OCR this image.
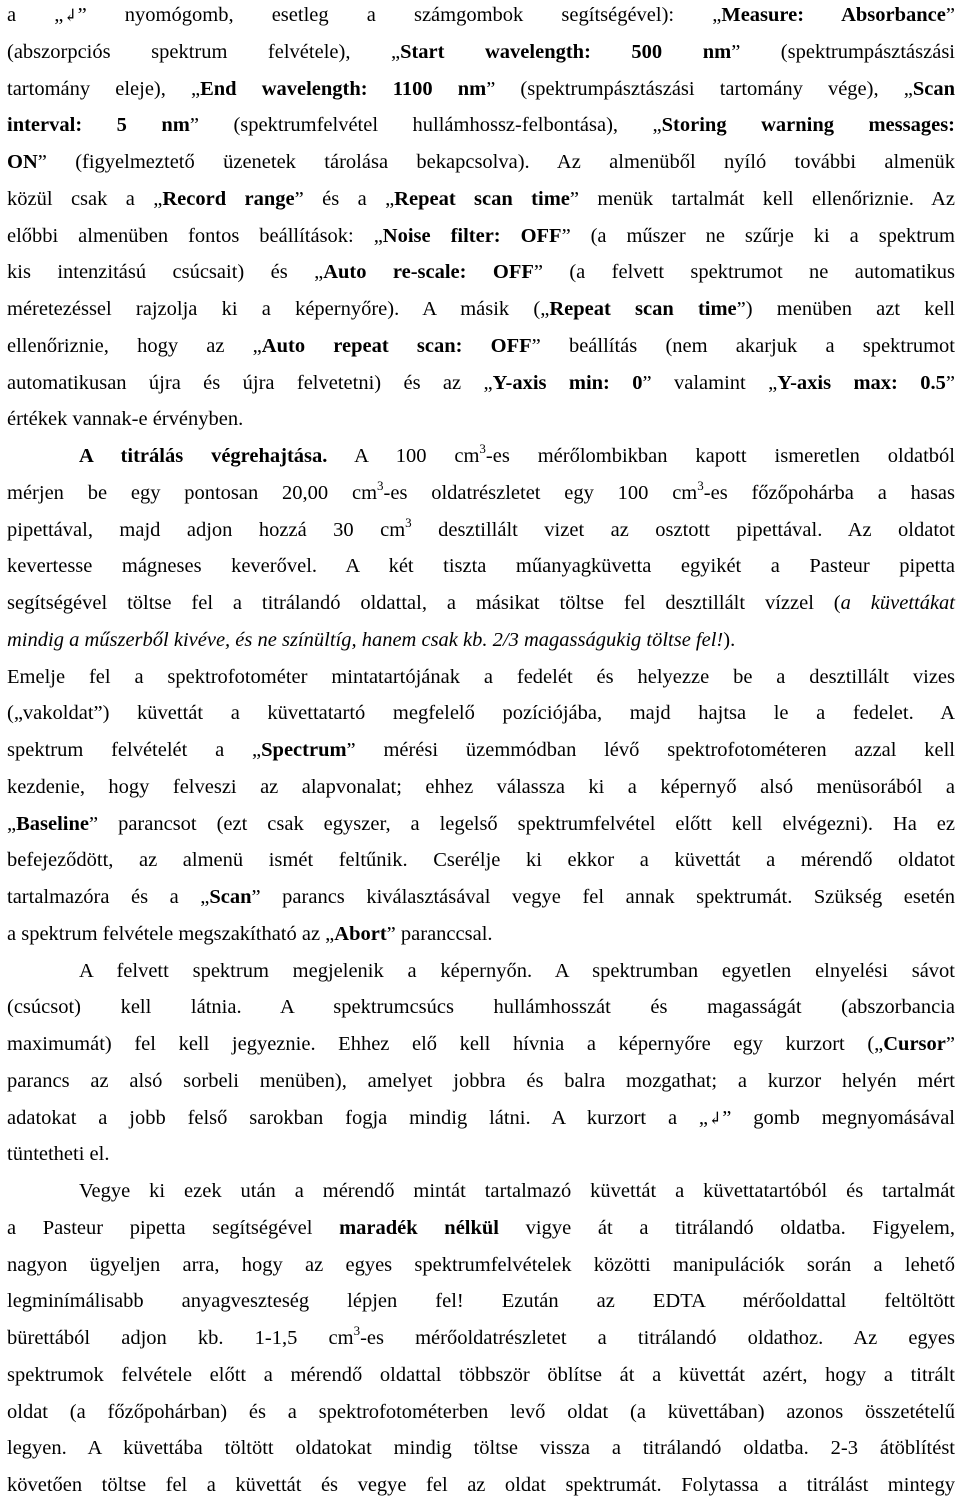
a „↲” nyomógomb, esetleg a számgombok segítségével): „Measure: Absorbance”
(abszorpciós spektrum felvétele), „Start wavelength: 500 nm” (spektrumpásztászási
tartomány eleje), „End wavelength: 1100 nm” (spektrumpásztászási tartomány vége), „Scan
interval: 5 nm” (spektrumfelvétel hullámhossz-felbontása), „Storing warning messages:
ON” (figyelmeztető üzenetek tárolása bekapcsolva). Az almenüből nyíló további almenük
közül csak a „Record range” és a „Repeat scan time” menük tartalmát kell ellenőriznie. Az
előbbi almenüben fontos beállítások: „Noise filter: OFF” (a műszer ne szűrje ki a spektrum
kis intenzitású csúcsait) és „Auto re-scale: OFF” (a felvett spektrumot ne automatikus
méretezéssel rajzolja ki a képernyőre). A másik („Repeat scan time”) menüben azt kell
ellenőriznie, hogy az „Auto repeat scan: OFF” beállítás (nem akarjuk a spektrumot
automatikusan újra és újra felvetetni) és az „Y-axis min: 0” valamint „Y-axis max: 0.5”
értékek vannak-e érvényben.
A titrálás végrehajtása. A 100 $cm^3-es$ mérőlombikban kapott ismeretlen oldatból
mérjen be egy pontosan 20,00 $cm^3-es$ oldatrészletet egy 100 $cm^3-es$ főzőpohárba a hasas
pipettával, majd adjon hozzá 30 $cm^3$ desztillált vizet az osztott pipettával. Az oldatot
kevertesse mágneses keverővel. A két tiszta műanyagküvetta egyikét a Pasteur pipetta
segítségével töltse fel a titrálandó oldattal, a másikat töltse fel desztillált vízzel (a küvettákat
mindig a műszerből kivéve, és ne színültíg, hanem csak kb. 2/3 magasságukig töltse fel!).
Emelje fel a spektrofotométer mintatartójának a fedelét és helyezze be a desztillált vizes
(„vakoldat”) küvettát a küvettatartó megfelelő pozíciójába, majd hajtsa le a fedelet. A
spektrum felvételét a „Spectrum” mérési üzemmódban lévő spektrofotométeren azzal kell
kezdenie, hogy felveszi az alapvonalat; ehhez válassza ki a képernyő alsó menüsorából a
„Baseline” parancsot (ezt csak egyszer, a legelső spektrumfelvétel előtt kell elvégezni). Ha ez
befejeződött, az almenü ismét feltűnik. Cserélje ki ekkor a küvettát a mérendő oldatot
tartalmazóra és a „Scan” parancs kiválasztásával vegye fel annak spektrumát. Szükség esetén
a spektrum felvétele megszakítható az „Abort” paranccsal.
A felvett spektrum megjelenik a képernyőn. A spektrumban egyetlen elnyelési sávot
(csúcsot) kell látnia. A spektrumcsúcs hullámhosszát és magasságát (abszorbancia
maximumát) fel kell jegyeznie. Ehhez elő kell hívnia a képernyőre egy kurzort („Cursor”
parancs az alsó sorbeli menüben), amelyet jobbra és balra mozgathat; a kurzor helyén mért
adatokat a jobb felső sarokban fogja mindig látni. A kurzort a „↲” gomb megnyomásával
tüntetheti el.
Vegye ki ezek után a mérendő mintát tartalmazó küvettát a küvettatartóból és tartalmát
a Pasteur pipetta segítségével maradék nélkül vigye át a titrálandó oldatba. Figyelem,
nagyon ügyeljen arra, hogy az egyes spektrumfelvételek közötti manipulációk során a lehető
legminímálisabb anyagveszteség lépjen fel! Ezután az EDTA mérőoldattal feltöltött
bürettából adjon kb. 1-1,5 $cm^3-es$ mérőoldatrészletet a titrálandó oldathoz. Az egyes
spektrumok felvétele előtt a mérendő oldattal többször öblítse át a küvettát azért, hogy a titrált
oldat (a főzőpohárban) és a spektrofotométerben levő oldat (a küvettában) azonos összetételű
legyen. A küvettába töltött oldatokat mindig töltse vissza a titrálandó oldatba. 2-3 átöblítést
követően töltse fel a küvettát és vegye fel az oldat spektrumát. Folytassa a titrálást mintegy
